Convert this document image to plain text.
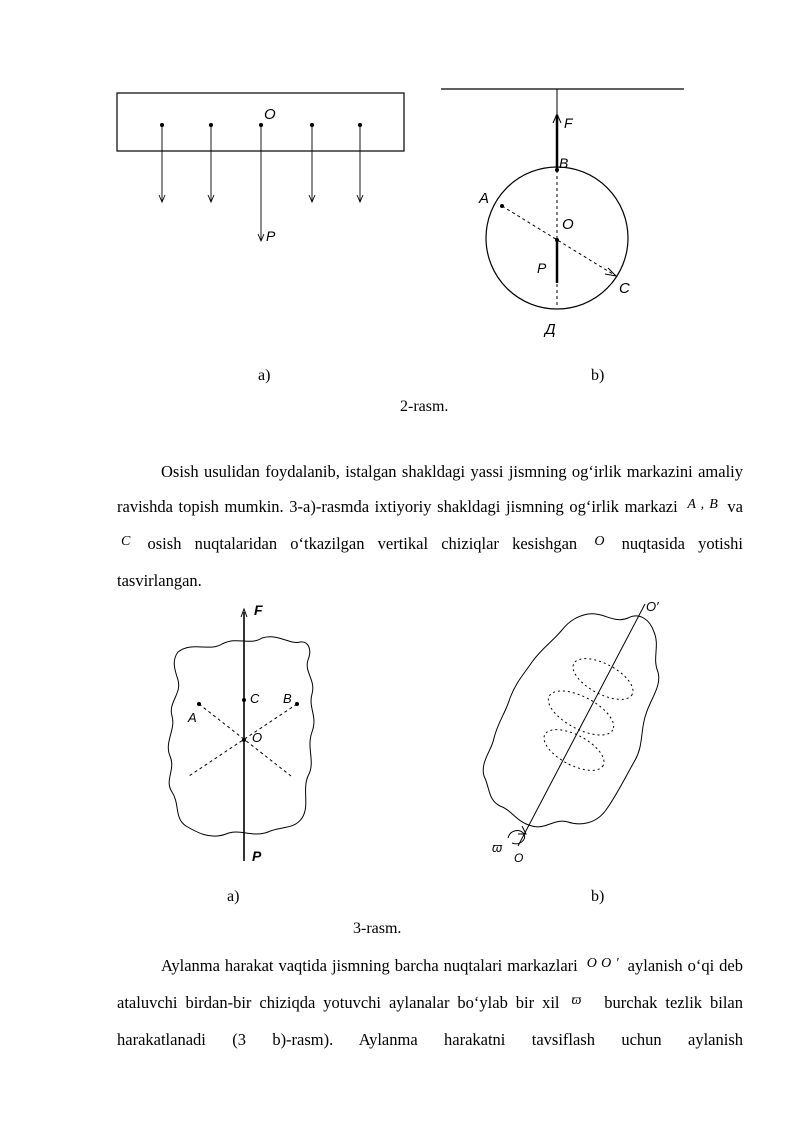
O
P
F
B
A
O
P
C
Д
a)	b)
2-rasm.
Osish usulidan foydalanib, istalgan shakldagi yassi jismning og‘irlik markazini amaliy ravishda topish mumkin. 3-a)-rasmda ixtiyoriy shakldagi jismning og‘irlik markazi $^{A , B}$ va $^C$ osish nuqtalaridan o‘tkazilgan vertikal chiziqlar kesishgan $^O$ nuqtasida yotishi tasvirlangan.
F
C B
A
O
P
O′
ϖ
O
a)	b)
3-rasm.
Aylanma harakat vaqtida jismning barcha nuqtalari markazlari $^{O O '}$ aylanish o‘qi deb ataluvchi birdan-bir chiziqda yotuvchi aylanalar bo‘ylab bir xil $^{ϖ⃗}$ burchak tezlik bilan harakatlanadi (3 b)-rasm). Aylanma harakatni tavsiflash uchun aylanish
